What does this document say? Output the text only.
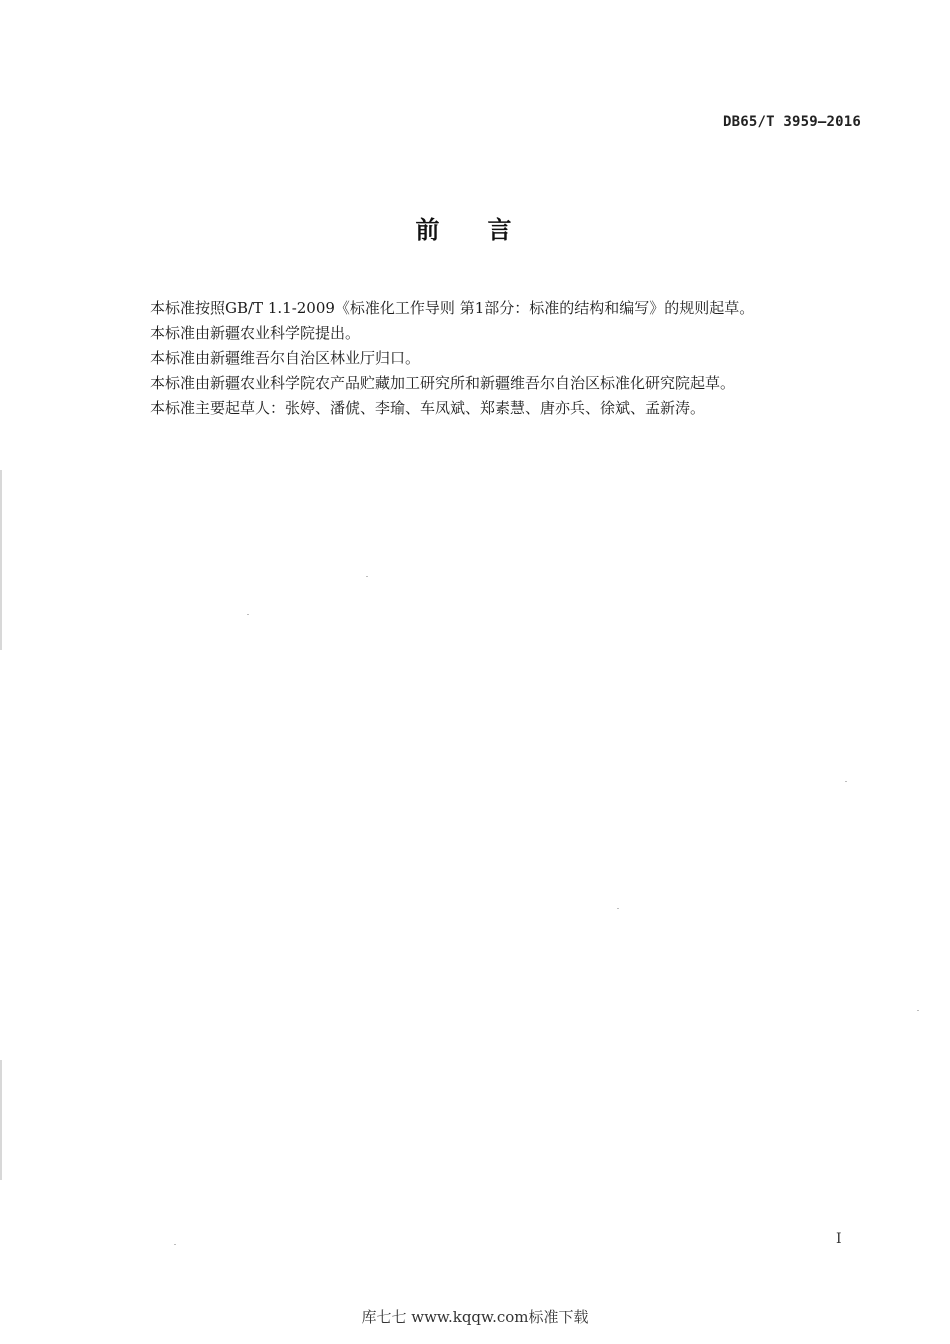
DB65/T 3959—2016
前言
本标准按照GB/T 1.1-2009《标准化工作导则 第1部分：标准的结构和编写》的规则起草。
本标准由新疆农业科学院提出。
本标准由新疆维吾尔自治区林业厅归口。
本标准由新疆农业科学院农产品贮藏加工研究所和新疆维吾尔自治区标准化研究院起草。
本标准主要起草人：张婷、潘俿、李瑜、车凤斌、郑素慧、唐亦兵、徐斌、孟新涛。
I
库七七 www.kqqw.com标准下载
